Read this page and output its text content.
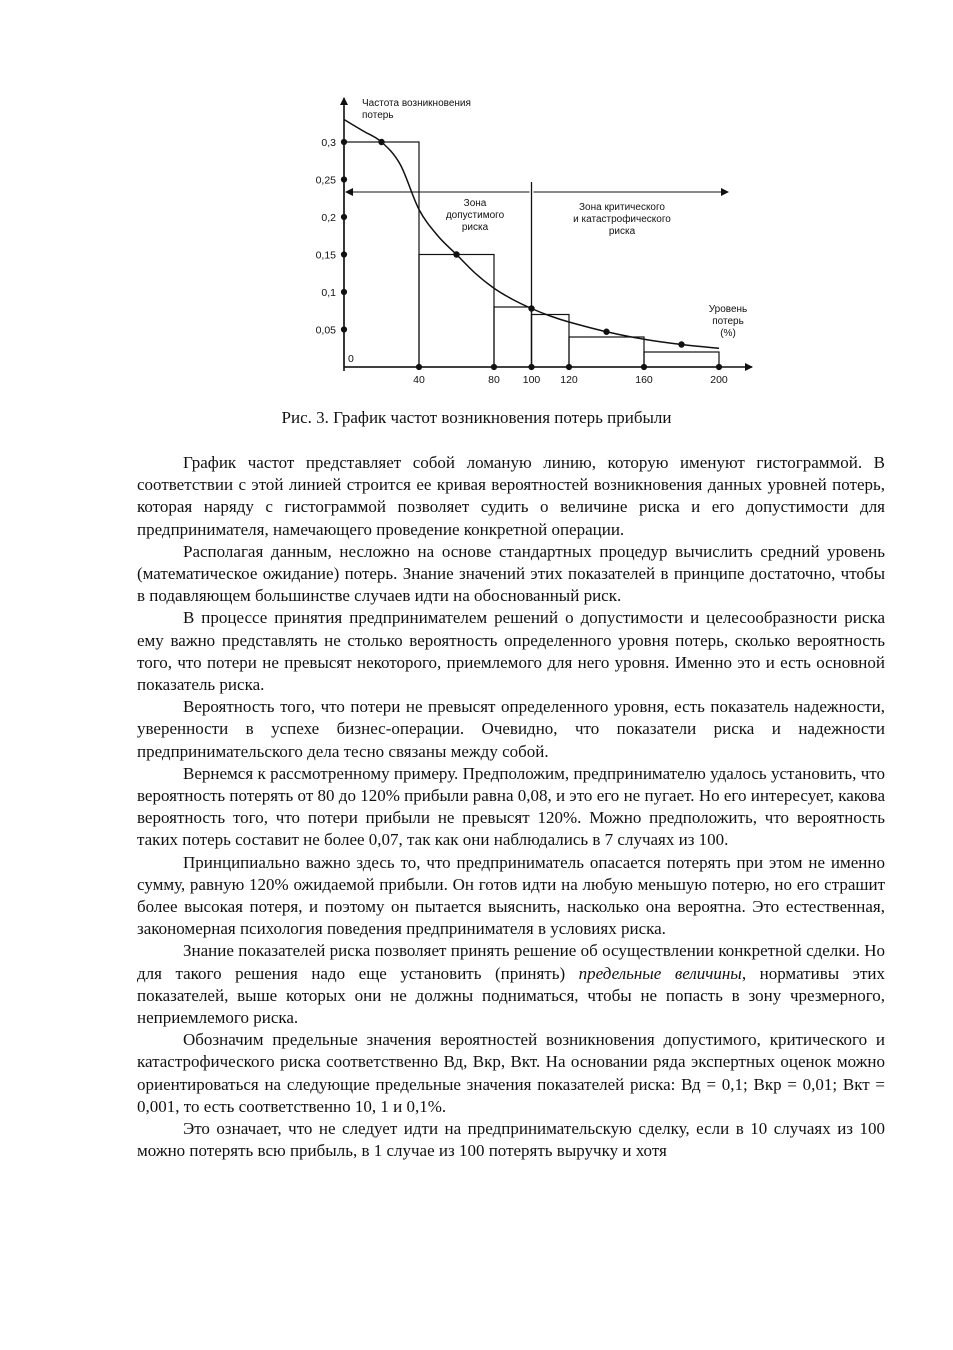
Зона допустимого риска
Зона критического и катастрофического риска
0,3
0,25
0,2
0,15
0,1
0,05
0
40	80 100 120	160	200
Частота возникновения потерь
Уровень потерь (%)
Рис. 3. График частот возникновения потерь прибыли

График частот представляет собой ломаную линию, которую именуют гистограммой. В соответствии с этой линией строится ее кривая вероятностей возникновения данных уровней потерь, которая наряду с гистограммой позволяет судить о величине риска и его допустимости для предпринимателя, намечающего проведение конкретной операции.

Располагая данным, несложно на основе стандартных процедур вычислить средний уровень (математическое ожидание) потерь. Знание значений этих показателей в принципе достаточно, чтобы в подавляющем большинстве случаев идти на обоснованный риск.

В процессе принятия предпринимателем решений о допустимости и целесообразности риска ему важно представлять не столько вероятность определенного уровня потерь, сколько вероятность того, что потери не превысят некоторого, приемлемого для него уровня. Именно это и есть основной показатель риска.

Вероятность того, что потери не превысят определенного уровня, есть показатель надежности, уверенности в успехе бизнес-операции. Очевидно, что показатели риска и надежности предпринимательского дела тесно связаны между собой.

Вернемся к рассмотренному примеру. Предположим, предпринимателю удалось установить, что вероятность потерять от 80 до 120% прибыли равна 0,08, и это его не пугает. Но его интересует, какова вероятность того, что потери прибыли не превысят 120%. Можно предположить, что вероятность таких потерь составит не более 0,07, так как они наблюдались в 7 случаях из 100.

Принципиально важно здесь то, что предприниматель опасается потерять при этом не именно сумму, равную 120% ожидаемой прибыли. Он готов идти на любую меньшую потерю, но его страшит более высокая потеря, и поэтому он пытается выяснить, насколько она вероятна. Это естественная, закономерная психология поведения предпринимателя в условиях риска.

Знание показателей риска позволяет принять решение об осуществлении конкретной сделки. Но для такого решения надо еще установить (принять) предельные величины, нормативы этих показателей, выше которых они не должны подниматься, чтобы не попасть в зону чрезмерного, неприемлемого риска.

Обозначим предельные значения вероятностей возникновения допустимого, критического и катастрофического риска соответственно Вд, Вкр, Вкт. На основании ряда экспертных оценок можно ориентироваться на следующие предельные значения показателей риска: Вд = 0,1; Вкр = 0,01; Вкт = 0,001, то есть соответственно 10, 1 и 0,1%.

Это означает, что не следует идти на предпринимательскую сделку, если в 10 случаях из 100 можно потерять всю прибыль, в 1 случае из 100 потерять выручку и хотя
